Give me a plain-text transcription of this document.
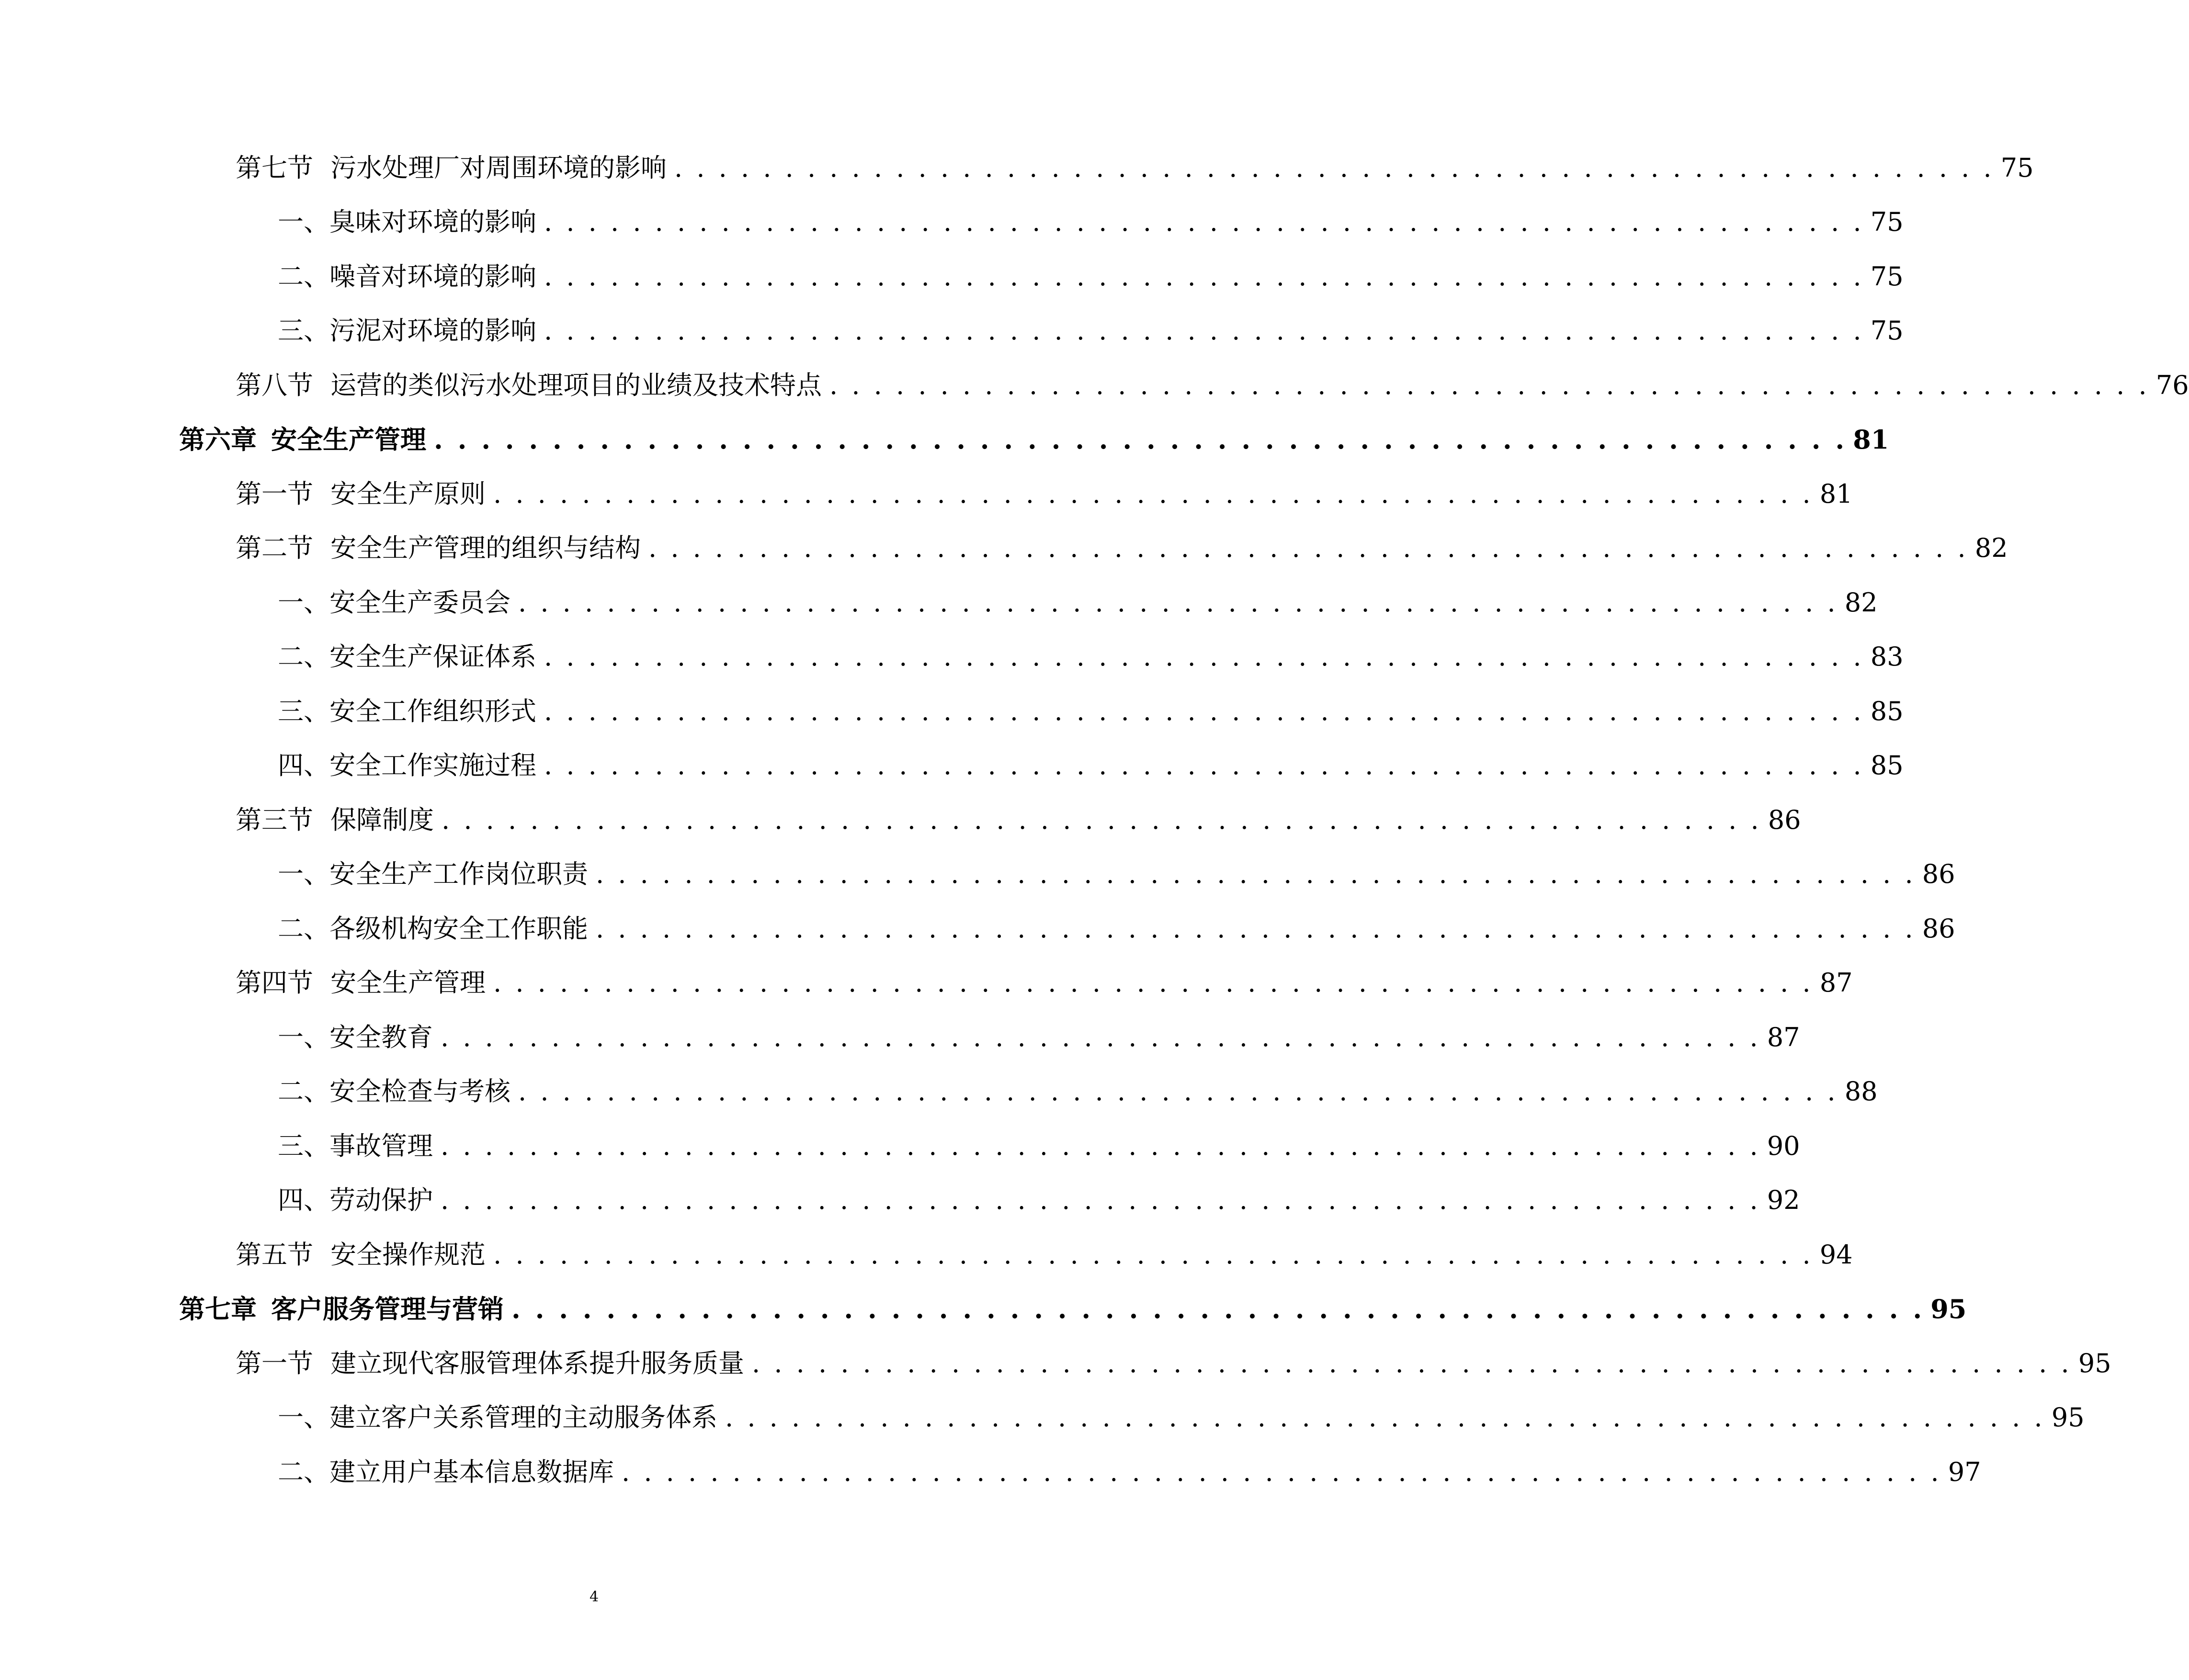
第七节 污水处理厂对周围环境的影响 . . . . . . . . . . . . . . . . . . . . . . . . . . . . . . . . . . . . . . . . . . . . . . . . . . . . . . . . . . . . 75
一、臭味对环境的影响 . . . . . . . . . . . . . . . . . . . . . . . . . . . . . . . . . . . . . . . . . . . . . . . . . . . . . . . . . . . . 75
二、噪音对环境的影响 . . . . . . . . . . . . . . . . . . . . . . . . . . . . . . . . . . . . . . . . . . . . . . . . . . . . . . . . . . . . 75
三、污泥对环境的影响 . . . . . . . . . . . . . . . . . . . . . . . . . . . . . . . . . . . . . . . . . . . . . . . . . . . . . . . . . . . . 75
第八节 运营的类似污水处理项目的业绩及技术特点 . . . . . . . . . . . . . . . . . . . . . . . . . . . . . . . . . . . . . . . . . . . . . . . . . . . . . . . . . . . . 76
第六章 安全生产管理 . . . . . . . . . . . . . . . . . . . . . . . . . . . . . . . . . . . . . . . . . . . . . . . . . . . . . . . . . . . . 81
第一节 安全生产原则 . . . . . . . . . . . . . . . . . . . . . . . . . . . . . . . . . . . . . . . . . . . . . . . . . . . . . . . . . . . . 81
第二节 安全生产管理的组织与结构 . . . . . . . . . . . . . . . . . . . . . . . . . . . . . . . . . . . . . . . . . . . . . . . . . . . . . . . . . . . . 82
一、安全生产委员会 . . . . . . . . . . . . . . . . . . . . . . . . . . . . . . . . . . . . . . . . . . . . . . . . . . . . . . . . . . . . 82
二、安全生产保证体系 . . . . . . . . . . . . . . . . . . . . . . . . . . . . . . . . . . . . . . . . . . . . . . . . . . . . . . . . . . . . 83
三、安全工作组织形式 . . . . . . . . . . . . . . . . . . . . . . . . . . . . . . . . . . . . . . . . . . . . . . . . . . . . . . . . . . . . 85
四、安全工作实施过程 . . . . . . . . . . . . . . . . . . . . . . . . . . . . . . . . . . . . . . . . . . . . . . . . . . . . . . . . . . . . 85
第三节 保障制度 . . . . . . . . . . . . . . . . . . . . . . . . . . . . . . . . . . . . . . . . . . . . . . . . . . . . . . . . . . . . 86
一、安全生产工作岗位职责 . . . . . . . . . . . . . . . . . . . . . . . . . . . . . . . . . . . . . . . . . . . . . . . . . . . . . . . . . . . . 86
二、各级机构安全工作职能 . . . . . . . . . . . . . . . . . . . . . . . . . . . . . . . . . . . . . . . . . . . . . . . . . . . . . . . . . . . . 86
第四节 安全生产管理 . . . . . . . . . . . . . . . . . . . . . . . . . . . . . . . . . . . . . . . . . . . . . . . . . . . . . . . . . . . . 87
一、安全教育 . . . . . . . . . . . . . . . . . . . . . . . . . . . . . . . . . . . . . . . . . . . . . . . . . . . . . . . . . . . . 87
二、安全检查与考核 . . . . . . . . . . . . . . . . . . . . . . . . . . . . . . . . . . . . . . . . . . . . . . . . . . . . . . . . . . . . 88
三、事故管理 . . . . . . . . . . . . . . . . . . . . . . . . . . . . . . . . . . . . . . . . . . . . . . . . . . . . . . . . . . . . 90
四、劳动保护 . . . . . . . . . . . . . . . . . . . . . . . . . . . . . . . . . . . . . . . . . . . . . . . . . . . . . . . . . . . . 92
第五节 安全操作规范 . . . . . . . . . . . . . . . . . . . . . . . . . . . . . . . . . . . . . . . . . . . . . . . . . . . . . . . . . . . . 94
第七章 客户服务管理与营销 . . . . . . . . . . . . . . . . . . . . . . . . . . . . . . . . . . . . . . . . . . . . . . . . . . . . . . . . . . . . 95
第一节 建立现代客服管理体系提升服务质量 . . . . . . . . . . . . . . . . . . . . . . . . . . . . . . . . . . . . . . . . . . . . . . . . . . . . . . . . . . . . 95
一、建立客户关系管理的主动服务体系 . . . . . . . . . . . . . . . . . . . . . . . . . . . . . . . . . . . . . . . . . . . . . . . . . . . . . . . . . . . . 95
二、建立用户基本信息数据库 . . . . . . . . . . . . . . . . . . . . . . . . . . . . . . . . . . . . . . . . . . . . . . . . . . . . . . . . . . . . 97
4
